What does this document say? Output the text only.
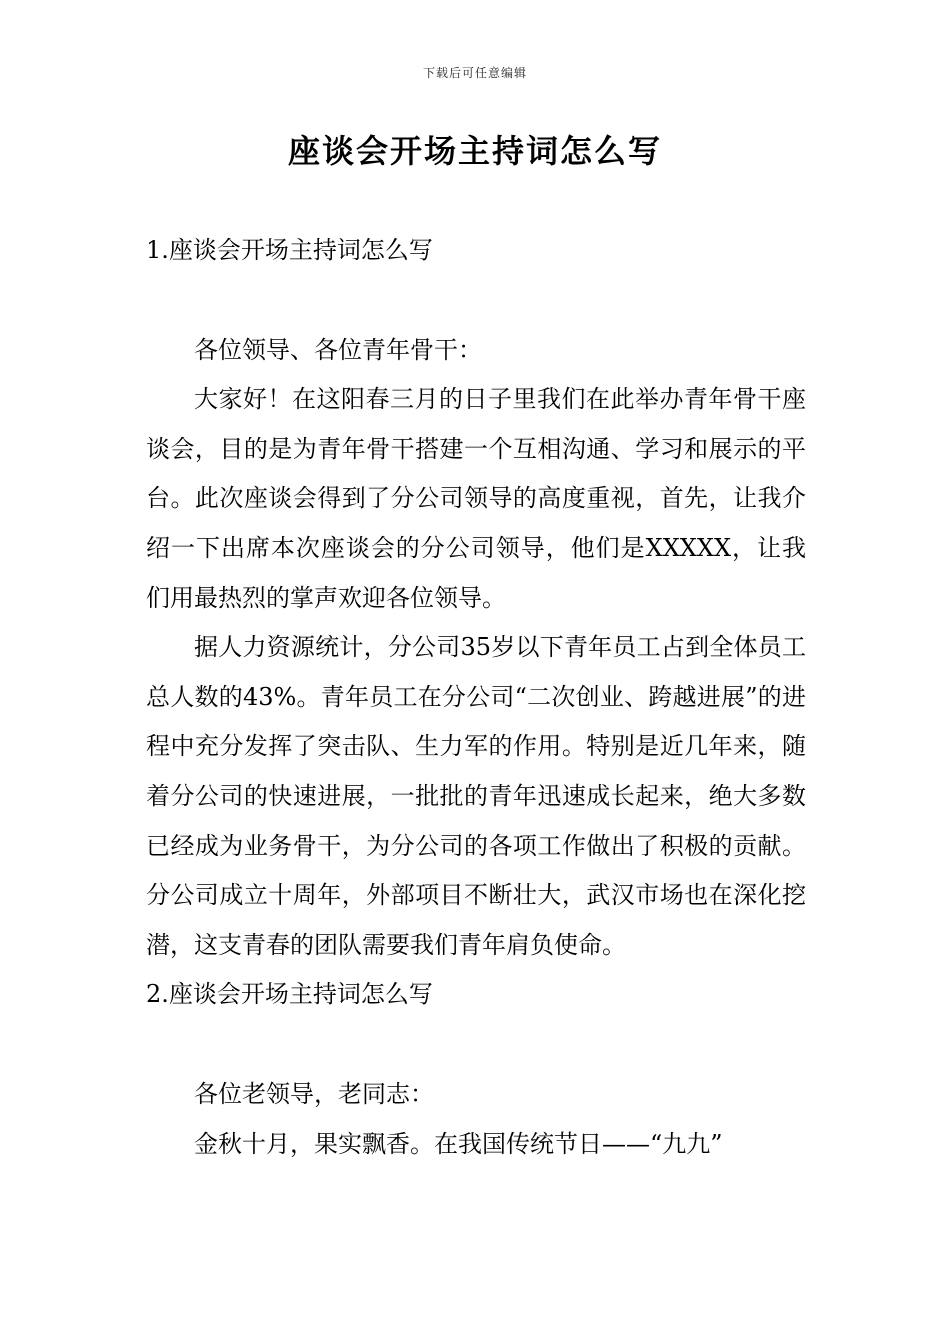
下载后可任意编辑
座谈会开场主持词怎么写
1.座谈会开场主持词怎么写

各位领导、各位青年骨干：

大家好！在这阳春三月的日子里我们在此举办青年骨干座谈会，目的是为青年骨干搭建一个互相沟通、学习和展示的平台。此次座谈会得到了分公司领导的高度重视，首先，让我介绍一下出席本次座谈会的分公司领导，他们是XXXXX，让我们用最热烈的掌声欢迎各位领导。

据人力资源统计，分公司35岁以下青年员工占到全体员工总人数的43%。青年员工在分公司“二次创业、跨越进展”的进程中充分发挥了突击队、生力军的作用。特别是近几年来，随着分公司的快速进展，一批批的青年迅速成长起来，绝大多数已经成为业务骨干，为分公司的各项工作做出了积极的贡献。分公司成立十周年，外部项目不断壮大，武汉市场也在深化挖潜，这支青春的团队需要我们青年肩负使命。

2.座谈会开场主持词怎么写

各位老领导，老同志：

金秋十月，果实飘香。在我国传统节日——“九九”
